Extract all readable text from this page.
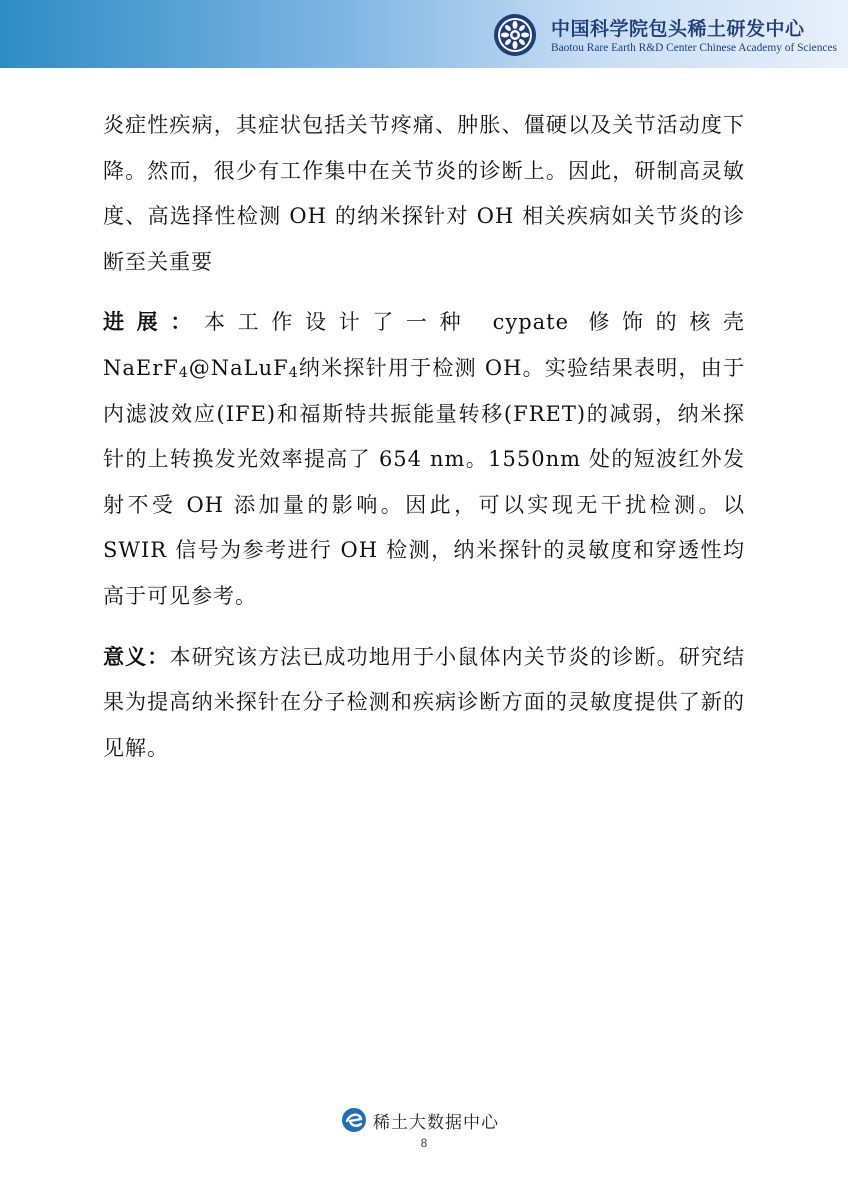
中国科学院包头稀土研发中心
Baotou Rare Earth R&D Center Chinese Academy of Sciences

炎症性疾病，其症状包括关节疼痛、肿胀、僵硬以及关节活动度下降。然而，很少有工作集中在关节炎的诊断上。因此，研制高灵敏度、高选择性检测 OH 的纳米探针对 OH 相关疾病如关节炎的诊断至关重要

进展：本工作设计了一种 cypate 修饰的核壳 NaErF$_4$@NaLuF$_4$纳米探针用于检测 OH。实验结果表明，由于内滤波效应(IFE)和福斯特共振能量转移(FRET)的减弱，纳米探针的上转换发光效率提高了 654 nm。1550nm 处的短波红外发射不受 OH 添加量的影响。因此，可以实现无干扰检测。以 SWIR 信号为参考进行 OH 检测，纳米探针的灵敏度和穿透性均高于可见参考。

意义：本研究该方法已成功地用于小鼠体内关节炎的诊断。研究结果为提高纳米探针在分子检测和疾病诊断方面的灵敏度提供了新的见解。

稀土大数据中心
8
